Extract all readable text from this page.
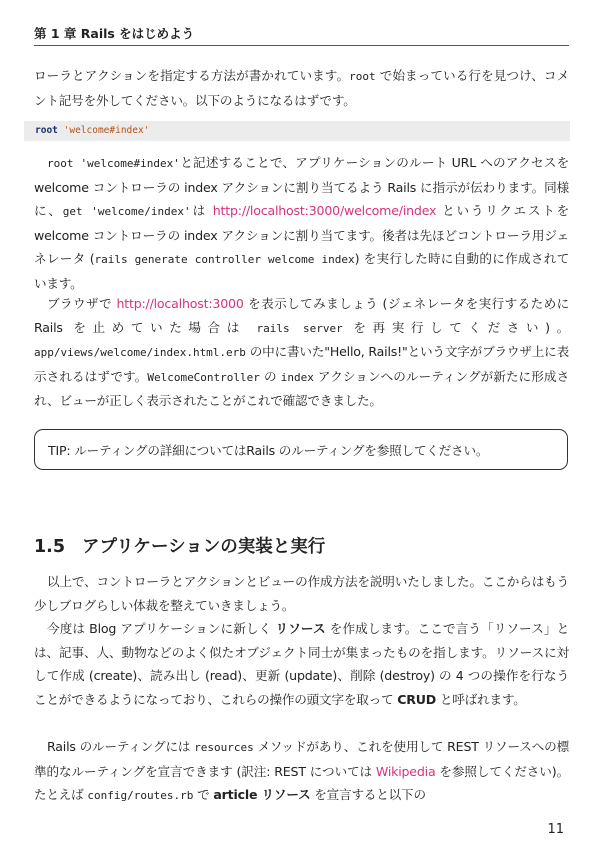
第 1 章 Rails をはじめよう

ローラとアクションを指定する方法が書かれています。root で始まっている行を見つけ、コメント記号を外してください。以下のようになるはずです。

root 'welcome#index'

root 'welcome#index'と記述することで、アプリケーションのルート URL へのアクセスを welcome コントローラの index アクションに割り当てるよう Rails に指示が伝わります。同様に、get 'welcome/index'は http://localhost:3000/welcome/index というリクエストを welcome コントローラの index アクションに割り当てます。後者は先ほどコントローラ用ジェネレータ (rails generate controller welcome index) を実行した時に自動的に作成されています。

ブラウザで http://localhost:3000 を表示してみましょう (ジェネレータを実行するために Rails を止めていた場合は rails server を再実行してください)。app/views/welcome/index.html.erb の中に書いた"Hello, Rails!"という文字がブラウザ上に表示されるはずです。WelcomeController の index アクションへのルーティングが新たに形成され、ビューが正しく表示されたことがこれで確認できました。

TIP: ルーティングの詳細についてはRails のルーティングを参照してください。
1.5 アプリケーションの実装と実行

以上で、コントローラとアクションとビューの作成方法を説明いたしました。ここからはもう少しブログらしい体裁を整えていきましょう。

今度は Blog アプリケーションに新しく リソース を作成します。ここで言う「リソース」とは、記事、人、動物などのよく似たオブジェクト同士が集まったものを指します。リソースに対して作成 (create)、読み出し (read)、更新 (update)、削除 (destroy) の 4 つの操作を行なうことができるようになっており、これらの操作の頭文字を取って CRUD と呼ばれます。

Rails のルーティングには resources メソッドがあり、これを使用して REST リソースへの標準的なルーティングを宣言できます (訳注: REST については Wikipedia を参照してください)。たとえば config/routes.rb で article リソース を宣言すると以下の

11
